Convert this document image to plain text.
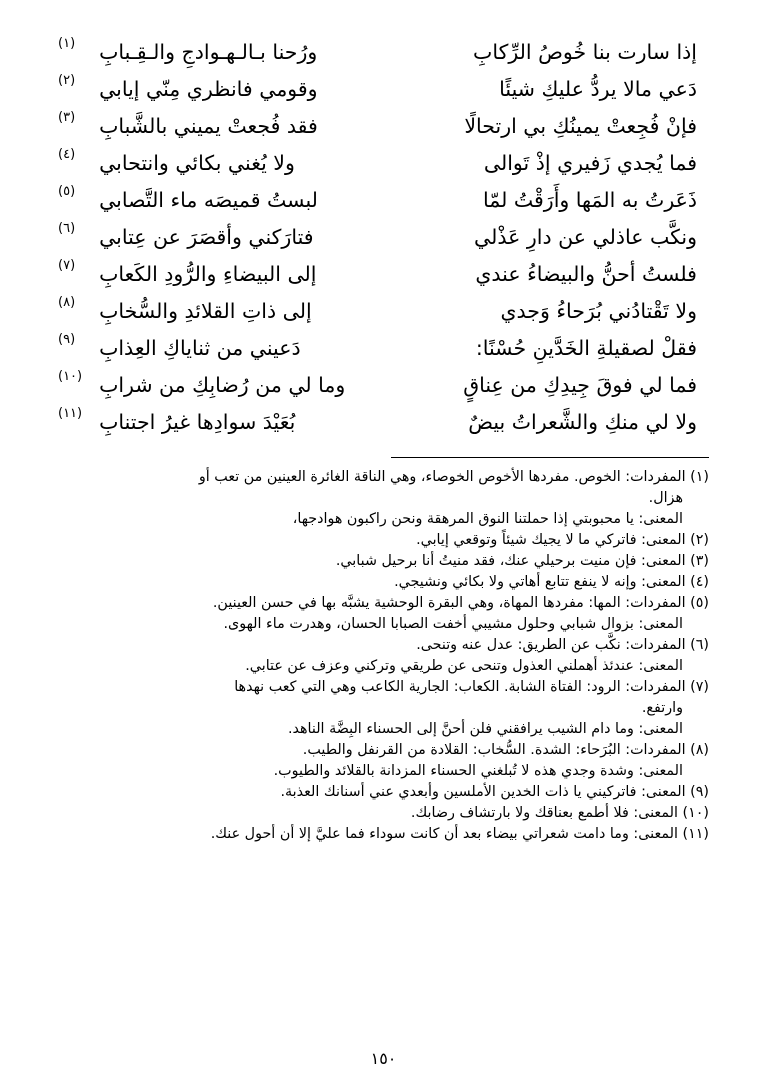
إذا سارت بنا خُوصُ الرِّكابِ	ورُحنا بـالـهـوادجِ والـقِـبابِ	(١)
دَعي مالا يردُّ عليكِ شيئًا	وقومي فانظري مِنّي إيابي	(٢)
فإنْ فُجِعتْ يمينُكِ بي ارتحالًا	فقد فُجعتْ يميني بالشَّبابِ	(٣)
فما يُجدي زَفيري إذْ تَوالى	ولا يُغني بكائي وانتحابي	(٤)
ذَعَرتُ به المَها وأَرَقْتُ لمّا	لبستُ قميصَه ماء التَّصابي	(٥)
ونكَّب عاذلي عن دارِ عَذْلي	فتارَكني وأقصَرَ عن عِتابي	(٦)
فلستُ أحنُّ والبيضاءُ عندي	إلى البيضاءِ والرُّودِ الكَعابِ	(٧)
ولا تَقْتادُني بُرَحاءُ وَجدي	إلى ذاتِ القلائدِ والسُّخابِ	(٨)
فقلْ لصقيلةِ الخَدَّينِ حُسْنًا:	دَعيني من ثناياكِ العِذابِ	(٩)
فما لي فوقَ جِيدِكِ من عِناقٍ	وما لي من رُضابِكِ من شرابِ	(١٠)
ولا لي منكِ والشَّعراتُ بيضٌ	بُعَيْدَ سوادِها غيرُ اجتنابِ	(١١)
(١) المفردات: الخوص. مفردها الأخوص الخوصاء، وهي الناقة الغائرة العينين من تعب أو
هزال.
المعنى: يا محبوبتي إذا حملتنا النوق المرهقة ونحن راكبون هوادجها،
(٢) المعنى: فاتركي ما لا يجيك شيئاً وتوقعي إيابي.
(٣) المعنى: فإن منيت برحيلي عنك، فقد منيتُ أنا برحيل شبابي.
(٤) المعنى: وإنه لا ينفع تتابع أهاتي ولا بكائي ونشيجي.
(٥) المفردات: المها: مفردها المهاة، وهي البقرة الوحشية يشبَّه بها في حسن العينين.
المعنى: بزوال شبابي وحلول مشيبي أخفت الصبابا الحسان، وهدرت ماء الهوى.
(٦) المفردات: نكَّب عن الطريق: عدل عنه وتنحى.
المعنى: عندئذ أهملني العذول وتنحى عن طريقي وتركني وعزف عن عتابي.
(٧) المفردات: الرود: الفتاة الشابة. الكعاب: الجارية الكاعب وهي التي كعب نهدها
وارتفع.
المعنى: وما دام الشيب يرافقني فلن أحنَّ إلى الحسناء البِضَّة الناهد.
(٨) المفردات: البُرَحاء: الشدة. السُّخاب: القلادة من القرنفل والطيب.
المعنى: وشدة وجدي هذه لا تُبلغني الحسناء المزدانة بالقلائد والطيوب.
(٩) المعنى: فاتركيني يا ذات الخدين الأملسين وأبعدي عني أسنانك العذبة.
(١٠) المعنى: فلا أطمع بعناقك ولا بارتشاف رضابك.
(١١) المعنى: وما دامت شعراتي بيضاء بعد أن كانت سوداء فما عليَّ إلا أن أحول عنك.
١٥٠
